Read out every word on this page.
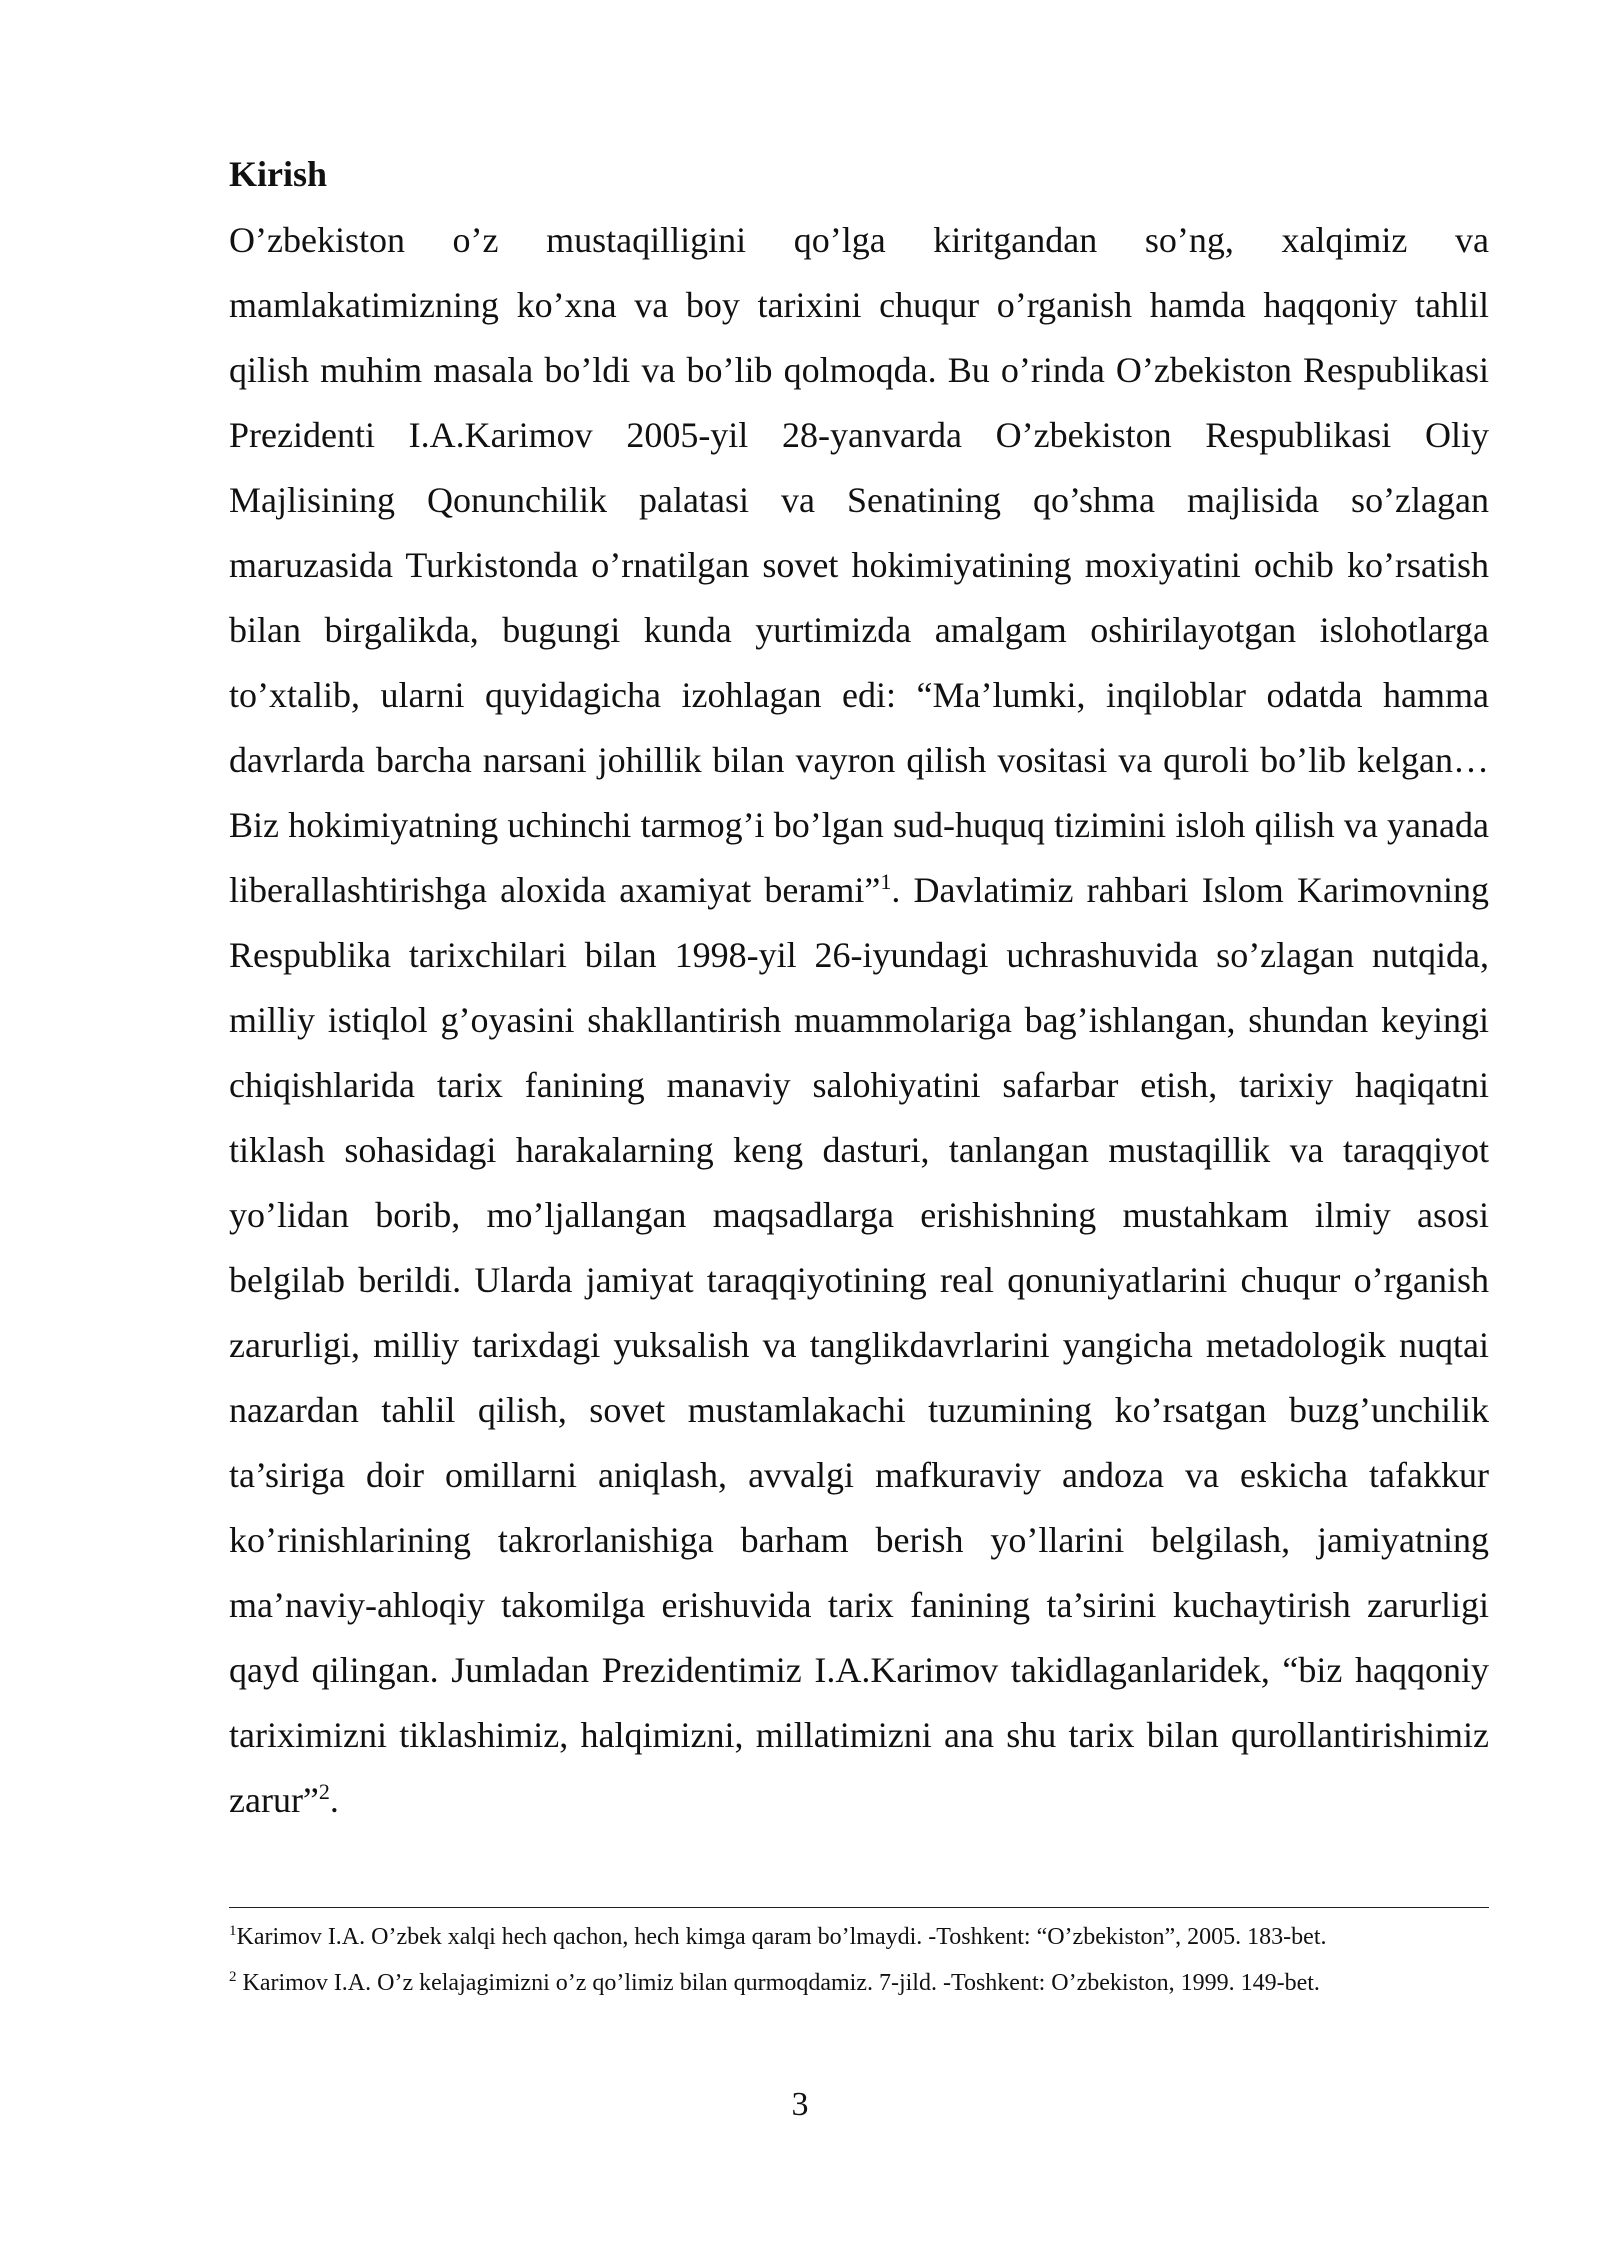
Kirish

O’zbekiston o’z mustaqilligini qo’lga kiritgandan so’ng, xalqimiz va mamlakatimizning ko’xna va boy tarixini chuqur o’rganish hamda haqqoniy tahlil qilish muhim masala bo’ldi va bo’lib qolmoqda. Bu o’rinda O’zbekiston Respublikasi Prezidenti I.A.Karimov 2005-yil 28-yanvarda O’zbekiston Respublikasi Oliy Majlisining Qonunchilik palatasi va Senatining qo’shma majlisida so’zlagan maruzasida Turkistonda o’rnatilgan sovet hokimiyatining moxiyatini ochib ko’rsatish bilan birgalikda, bugungi kunda yurtimizda amalgam oshirilayotgan islohotlarga to’xtalib, ularni quyidagicha izohlagan edi: “Ma’lumki, inqiloblar odatda hamma davrlarda barcha narsani johillik bilan vayron qilish vositasi va quroli bo’lib kelgan… Biz hokimiyatning uchinchi tarmog’i bo’lgan sud-huquq tizimini isloh qilish va yanada liberallashtirishga aloxida axamiyat berami”$^1$. Davlatimiz rahbari Islom Karimovning Respublika tarixchilari bilan 1998-yil 26-iyundagi uchrashuvida so’zlagan nutqida, milliy istiqlol g’oyasini shakllantirish muammolariga bag’ishlangan, shundan keyingi chiqishlarida tarix fanining manaviy salohiyatini safarbar etish, tarixiy haqiqatni tiklash sohasidagi harakalarning keng dasturi, tanlangan mustaqillik va taraqqiyot yo’lidan borib, mo’ljallangan maqsadlarga erishishning mustahkam ilmiy asosi belgilab berildi. Ularda jamiyat taraqqiyotining real qonuniyatlarini chuqur o’rganish zarurligi, milliy tarixdagi yuksalish va tanglikdavrlarini yangicha metadologik nuqtai nazardan tahlil qilish, sovet mustamlakachi tuzumining ko’rsatgan buzg’unchilik ta’siriga doir omillarni aniqlash, avvalgi mafkuraviy andoza va eskicha tafakkur ko’rinishlarining takrorlanishiga barham berish yo’llarini belgilash, jamiyatning ma’naviy-ahloqiy takomilga erishuvida tarix fanining ta’sirini kuchaytirish zarurligi qayd qilingan. Jumladan Prezidentimiz I.A.Karimov takidlaganlaridek, “biz haqqoniy tariximizni tiklashimiz, halqimizni, millatimizni ana shu tarix bilan qurollantirishimiz zarur”$^2$.

$^1$Karimov I.A. O’zbek xalqi hech qachon, hech kimga qaram bo’lmaydi. -Toshkent: “O’zbekiston”, 2005. 183-bet.
$^2$ Karimov I.A. O’z kelajagimizni o’z qo’limiz bilan qurmoqdamiz. 7-jild. -Toshkent: O’zbekiston, 1999. 149-bet.
3
